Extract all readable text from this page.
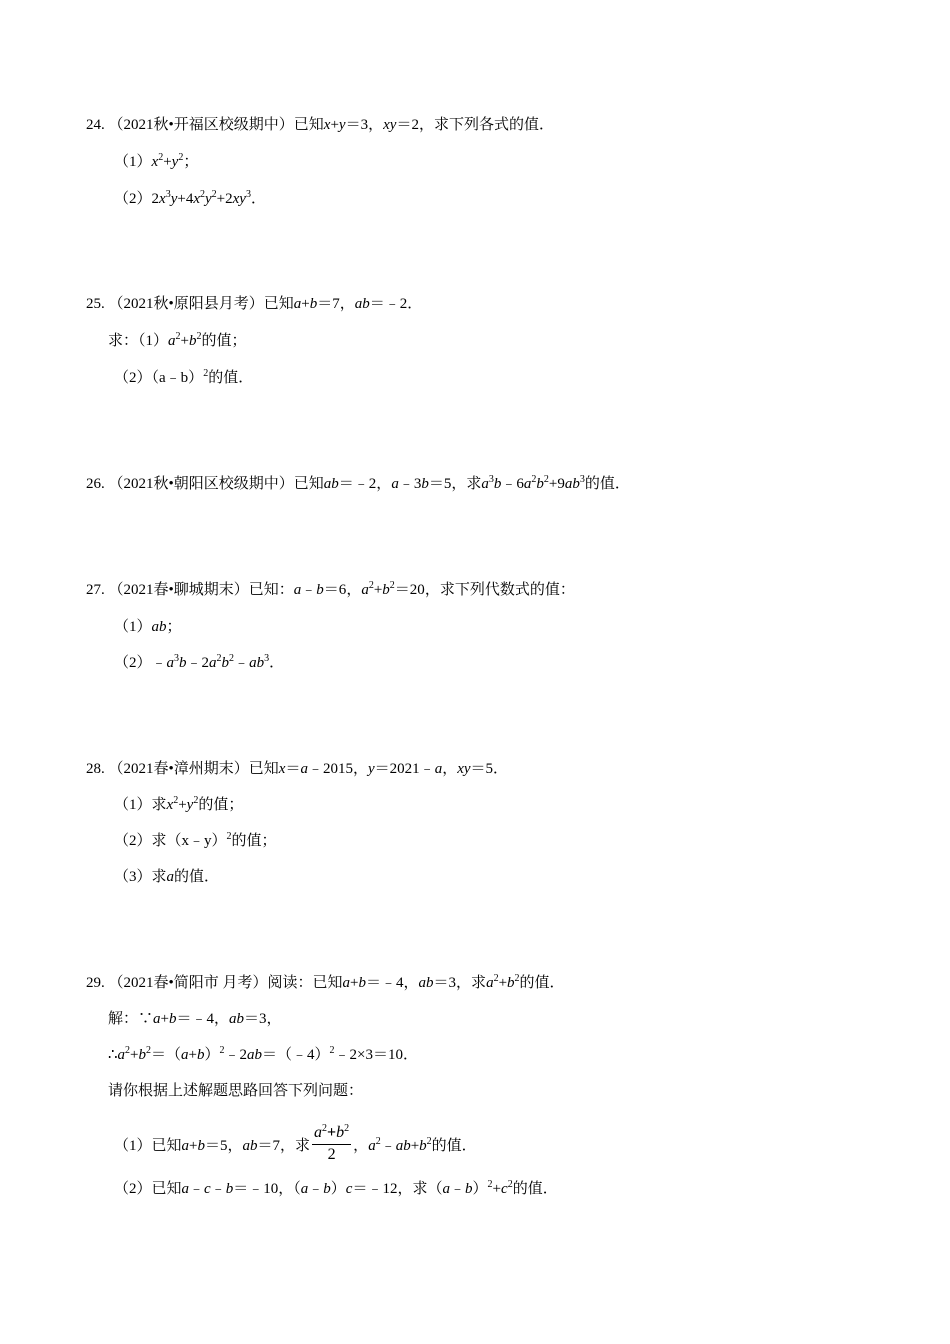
24. （2021秋•开福区校级期中）已知x+y＝3，xy＝2，求下列各式的值．
$(1)x^2+y^2$；
$(2)2x^3y+4x^2y^2+2xy^3$．
25. （2021秋•原阳县月考）已知a+b＝7，ab＝﹣2．
求：$(1)a^2+b^2$的值；
（2）（a﹣b）$^2$的值．
26. （2021秋•朝阳区校级期中）已知ab＝﹣2，a﹣3b＝5，求$a^3b﹣6a^2b^2+9ab^3$的值．
27. （2021春•聊城期末）已知：a﹣b＝6，$a^2+b^2=20$，求下列代数式的值：
（1）ab；
$(2)﹣a^3b﹣2a^2b^2﹣ab^3$．
28. （2021春•漳州期末）已知x＝a﹣2015，y＝2021﹣a，xy＝5．
（1）求$x^2+y^2$的值；
（2）求（x﹣y）$^2$的值；
（3）求a的值．
29. （2021春•简阳市 月考）阅读：已知a+b＝﹣4，ab＝3，求$a^2+b^2$的值．
解：∵a+b＝﹣4，ab＝3，
$\therefore a^2+b^2=(a+b)^2﹣2ab=(﹣4)^2﹣2\times 3=10$．
请你根据上述解题思路回答下列问题：
（1）已知a+b＝5，ab＝7，求 $\frac{a^2+b^2}{2}$ ，$a^2﹣ab+b^2$的值．
（2）已知a﹣c﹣b＝﹣10，（a﹣b）c＝﹣12，求$(a﹣b)^2+c^2$的值．
